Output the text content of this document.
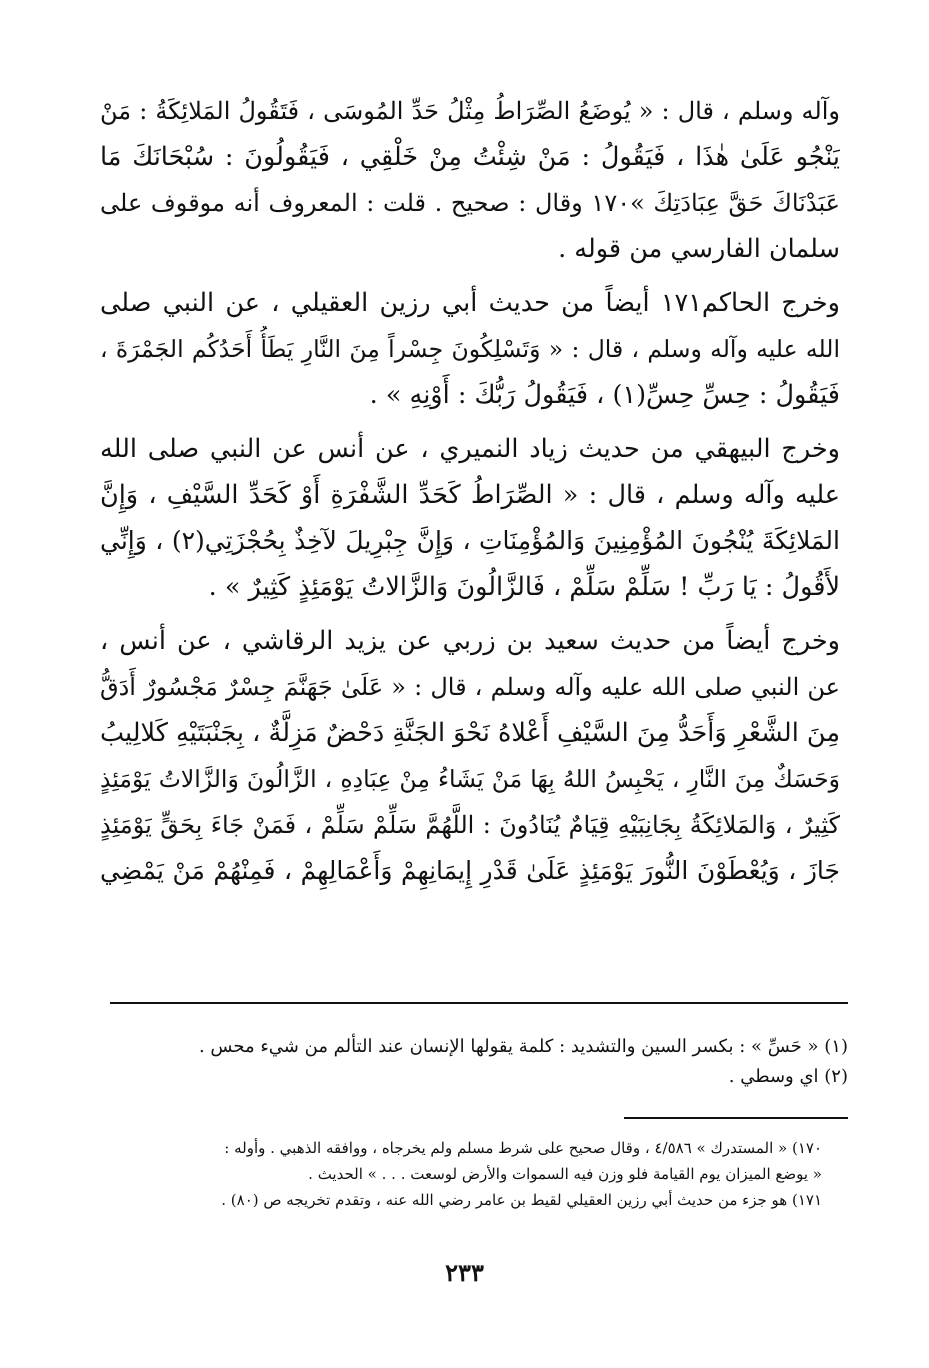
وآله وسلم ، قال : « يُوضَعُ الصِّرَاطُ مِثْلُ حَدِّ المُوسَى ، فَتَقُولُ المَلائِكَةُ : مَنْ
يَنْجُو عَلَىٰ هٰذَا ، فَيَقُولُ : مَنْ شِئْتُ مِنْ خَلْقِي ، فَيَقُولُونَ : سُبْحَانَكَ مَا
عَبَدْنَاكَ حَقَّ عِبَادَتِكَ »١٧٠ وقال : صحيح . قلت : المعروف أنه موقوف على
سلمان الفارسي من قوله .
وخرج الحاكم١٧١ أيضاً من حديث أبي رزين العقيلي ، عن النبي صلى
الله عليه وآله وسلم ، قال : « وَتَسْلِكُونَ جِسْراً مِنَ النَّارِ يَطَأُ أَحَدُكُم الجَمْرَةَ ،
فَيَقُولُ : حِسِّ حِسِّ(١) ، فَيَقُولُ رَبُّكَ : أَوْنِهِ » .
وخرج البيهقي من حديث زياد النميري ، عن أنس عن النبي صلى الله
عليه وآله وسلم ، قال : « الصِّرَاطُ كَحَدِّ الشَّفْرَةِ أَوْ كَحَدِّ السَّيْفِ ، وَإِنَّ
المَلائِكَةَ يُنْجُونَ المُؤْمِنِينَ وَالمُؤْمِنَاتِ ، وَإِنَّ جِبْرِيلَ لآخِذٌ بِحُجْزَتِي(٢) ، وَإِنِّي
لأَقُولُ : يَا رَبِّ ! سَلِّمْ سَلِّمْ ، فَالزَّالُونَ وَالزَّالاتُ يَوْمَئِذٍ كَثِيرٌ » .
وخرج أيضاً من حديث سعيد بن زربي عن يزيد الرقاشي ، عن أنس ،
عن النبي صلى الله عليه وآله وسلم ، قال : « عَلَىٰ جَهَنَّمَ جِسْرٌ مَجْسُورٌ أَدَقُّ
مِنَ الشَّعْرِ وَأَحَدُّ مِنَ السَّيْفِ أَعْلاهُ نَحْوَ الجَنَّةِ دَحْضٌ مَزِلَّةٌ ، بِجَنْبَتَيْهِ كَلالِيبُ
وَحَسَكٌ مِنَ النَّارِ ، يَحْبِسُ اللهُ بِهَا مَنْ يَشَاءُ مِنْ عِبَادِهِ ، الزَّالُونَ وَالزَّالاتُ يَوْمَئِذٍ
كَثِيرٌ ، وَالمَلائِكَةُ بِجَانِبَيْهِ قِيَامٌ يُنَادُونَ : اللَّهُمَّ سَلِّمْ سَلِّمْ ، فَمَنْ جَاءَ بِحَقٍّ يَوْمَئِذٍ
جَازَ ، وَيُعْطَوْنَ النُّورَ يَوْمَئِذٍ عَلَىٰ قَدْرِ إِيمَانِهِمْ وَأَعْمَالِهِمْ ، فَمِنْهُمْ مَنْ يَمْضِي
(١) « حَسِّ » : بكسر السين والتشديد : كلمة يقولها الإنسان عند التألم من شيء محس .
(٢) اي وسطي .
١٧٠) « المستدرك » ٤/٥٨٦ ، وقال صحيح على شرط مسلم ولم يخرجاه ، ووافقه الذهبي . وأوله :
« يوضع الميزان يوم القيامة فلو وزن فيه السموات والأرض لوسعت . . . » الحديث .
١٧١) هو جزء من حديث أبي رزين العقيلي لقيط بن عامر رضي الله عنه ، وتقدم تخريجه ص (٨٠) .
٢٣٣
